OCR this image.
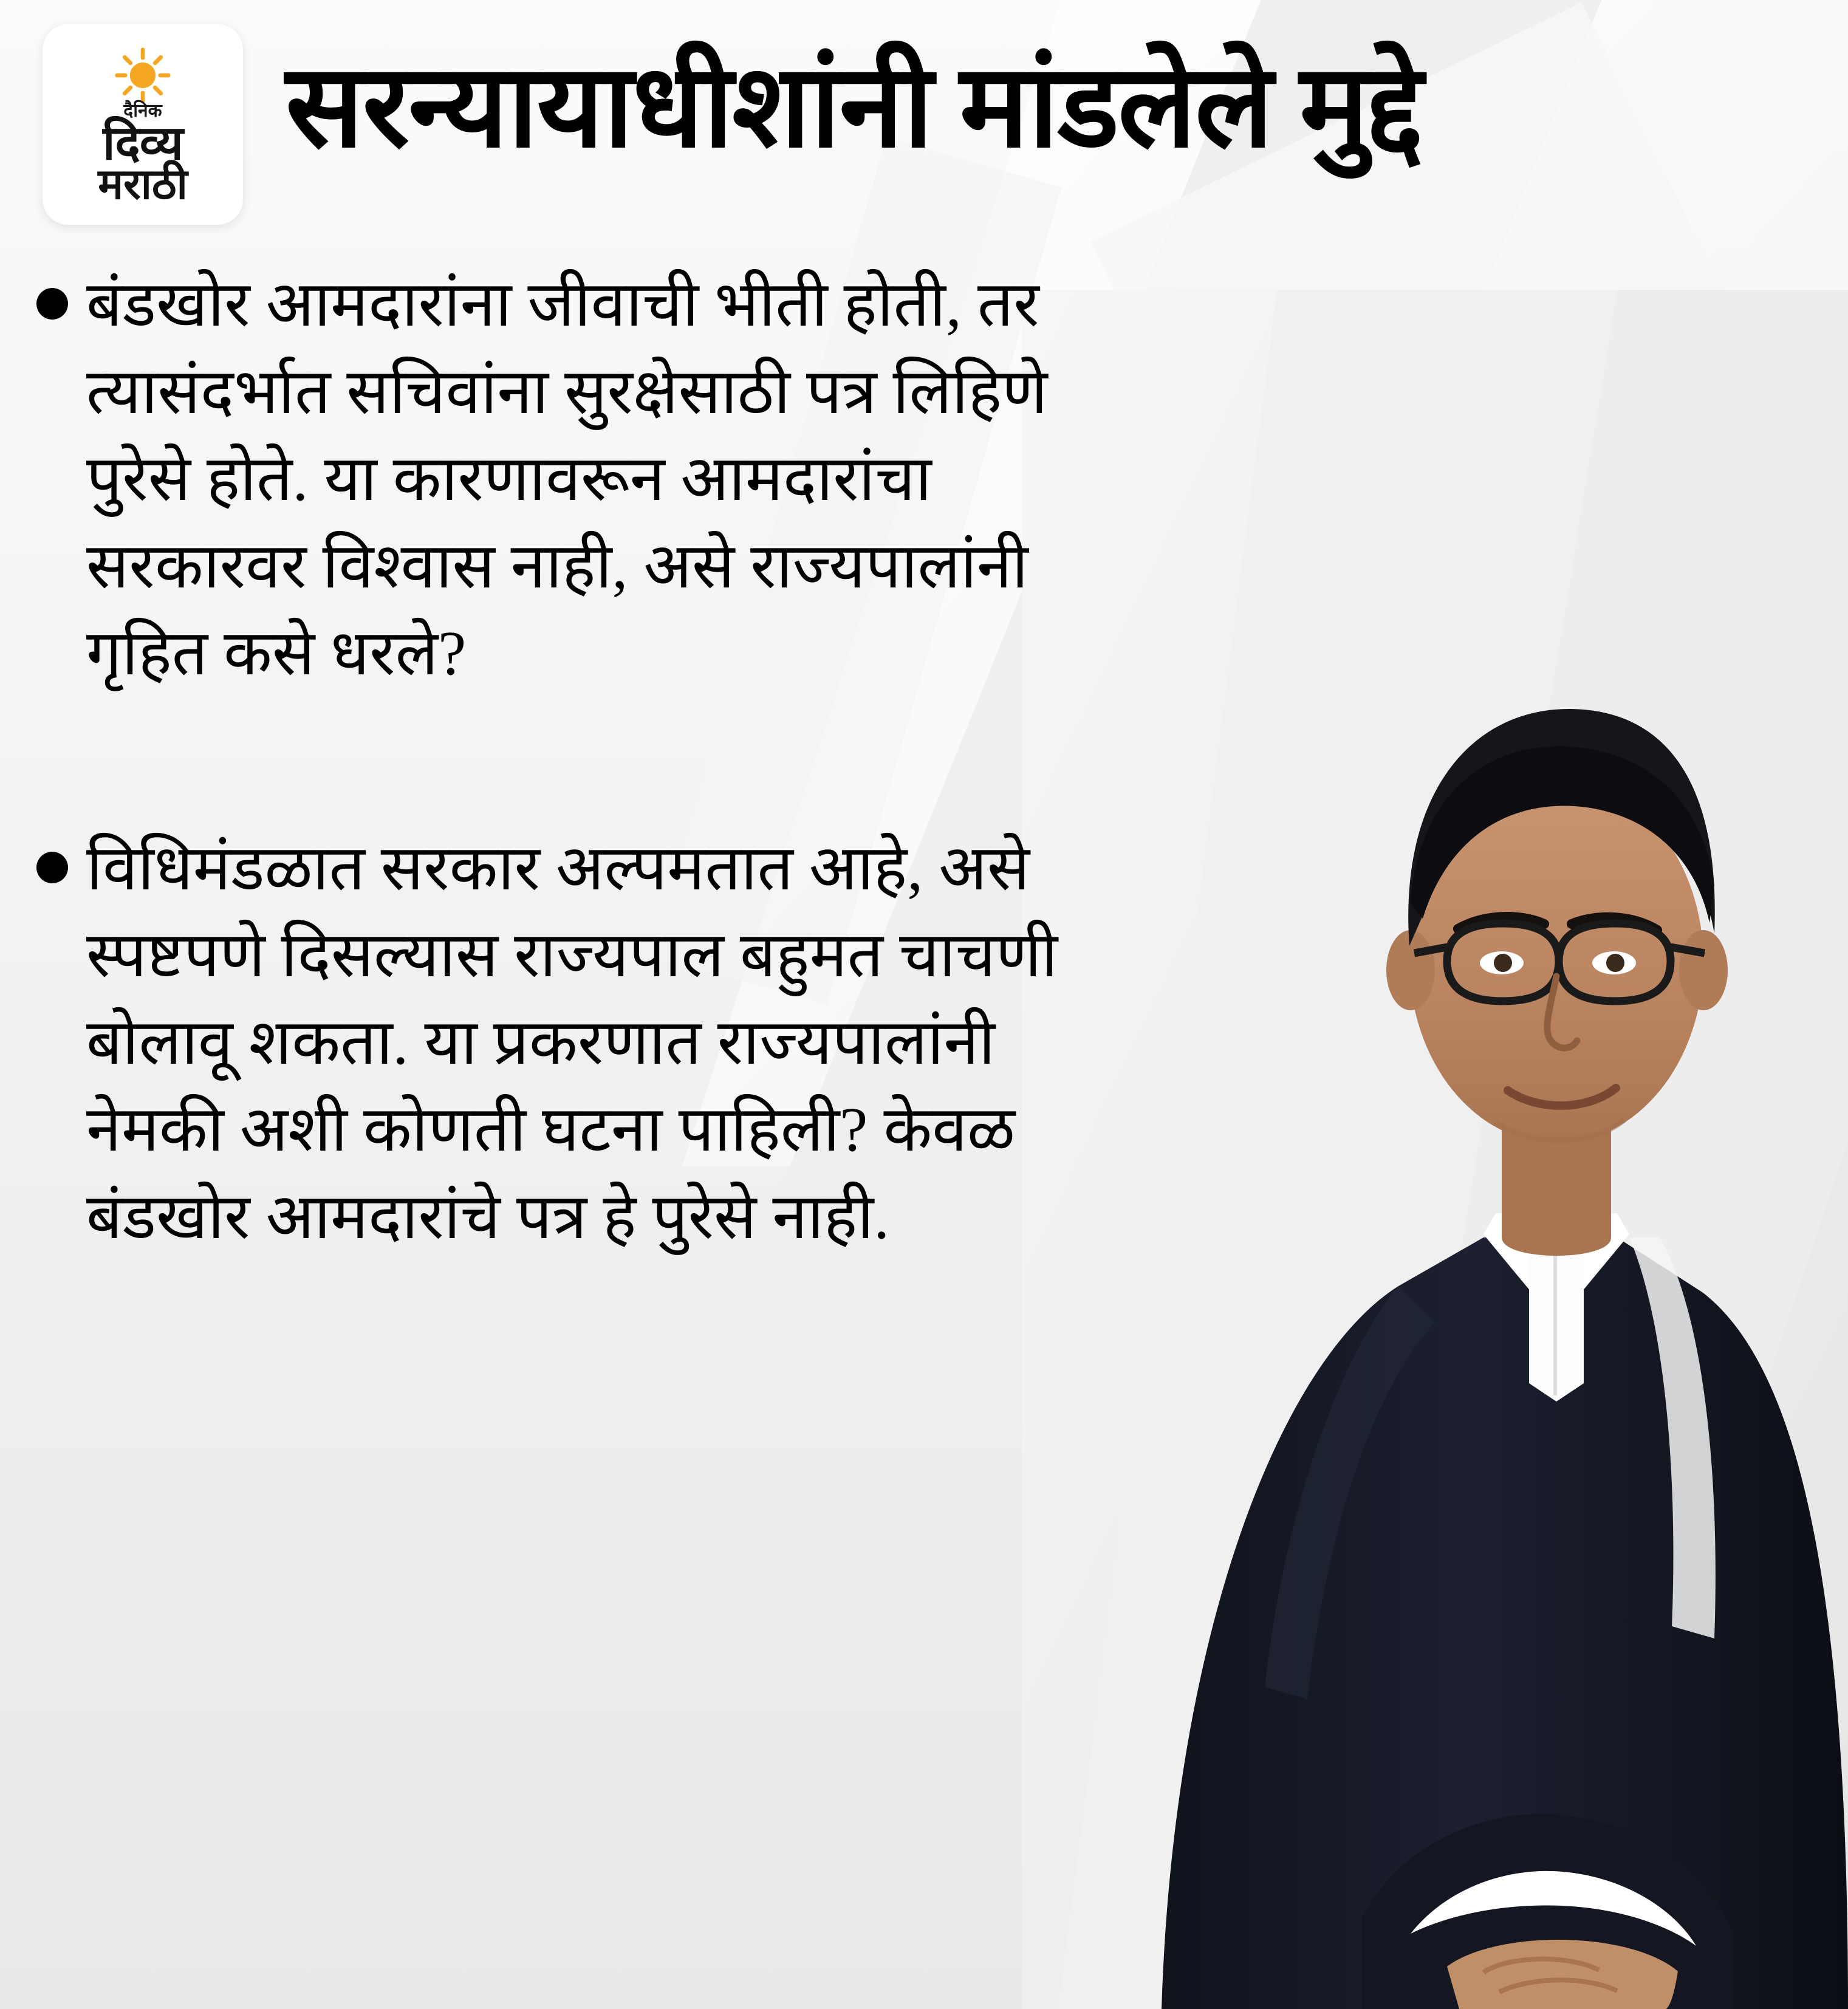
दैनिक
दिव्य
मराठी
सरन्यायाधीशांनी मांडलेले मुद्दे
बंडखोर आमदारांना जीवाची भीती होती, तर त्यासंदर्भात सचिवांना सुरक्षेसाठी पत्र लिहिणे पुरेसे होते. या कारणावरून आमदारांचा सरकारवर विश्वास नाही, असे राज्यपालांनी गृहित कसे धरले?
विधिमंडळात सरकार अल्पमतात आहे, असे स्पष्टपणे दिसल्यास राज्यपाल बहुमत चाचणी बोलावू शकता. या प्रकरणात राज्यपालांनी नेमकी अशी कोणती घटना पाहिली? केवळ बंडखोर आमदारांचे पत्र हे पुरेसे नाही.
